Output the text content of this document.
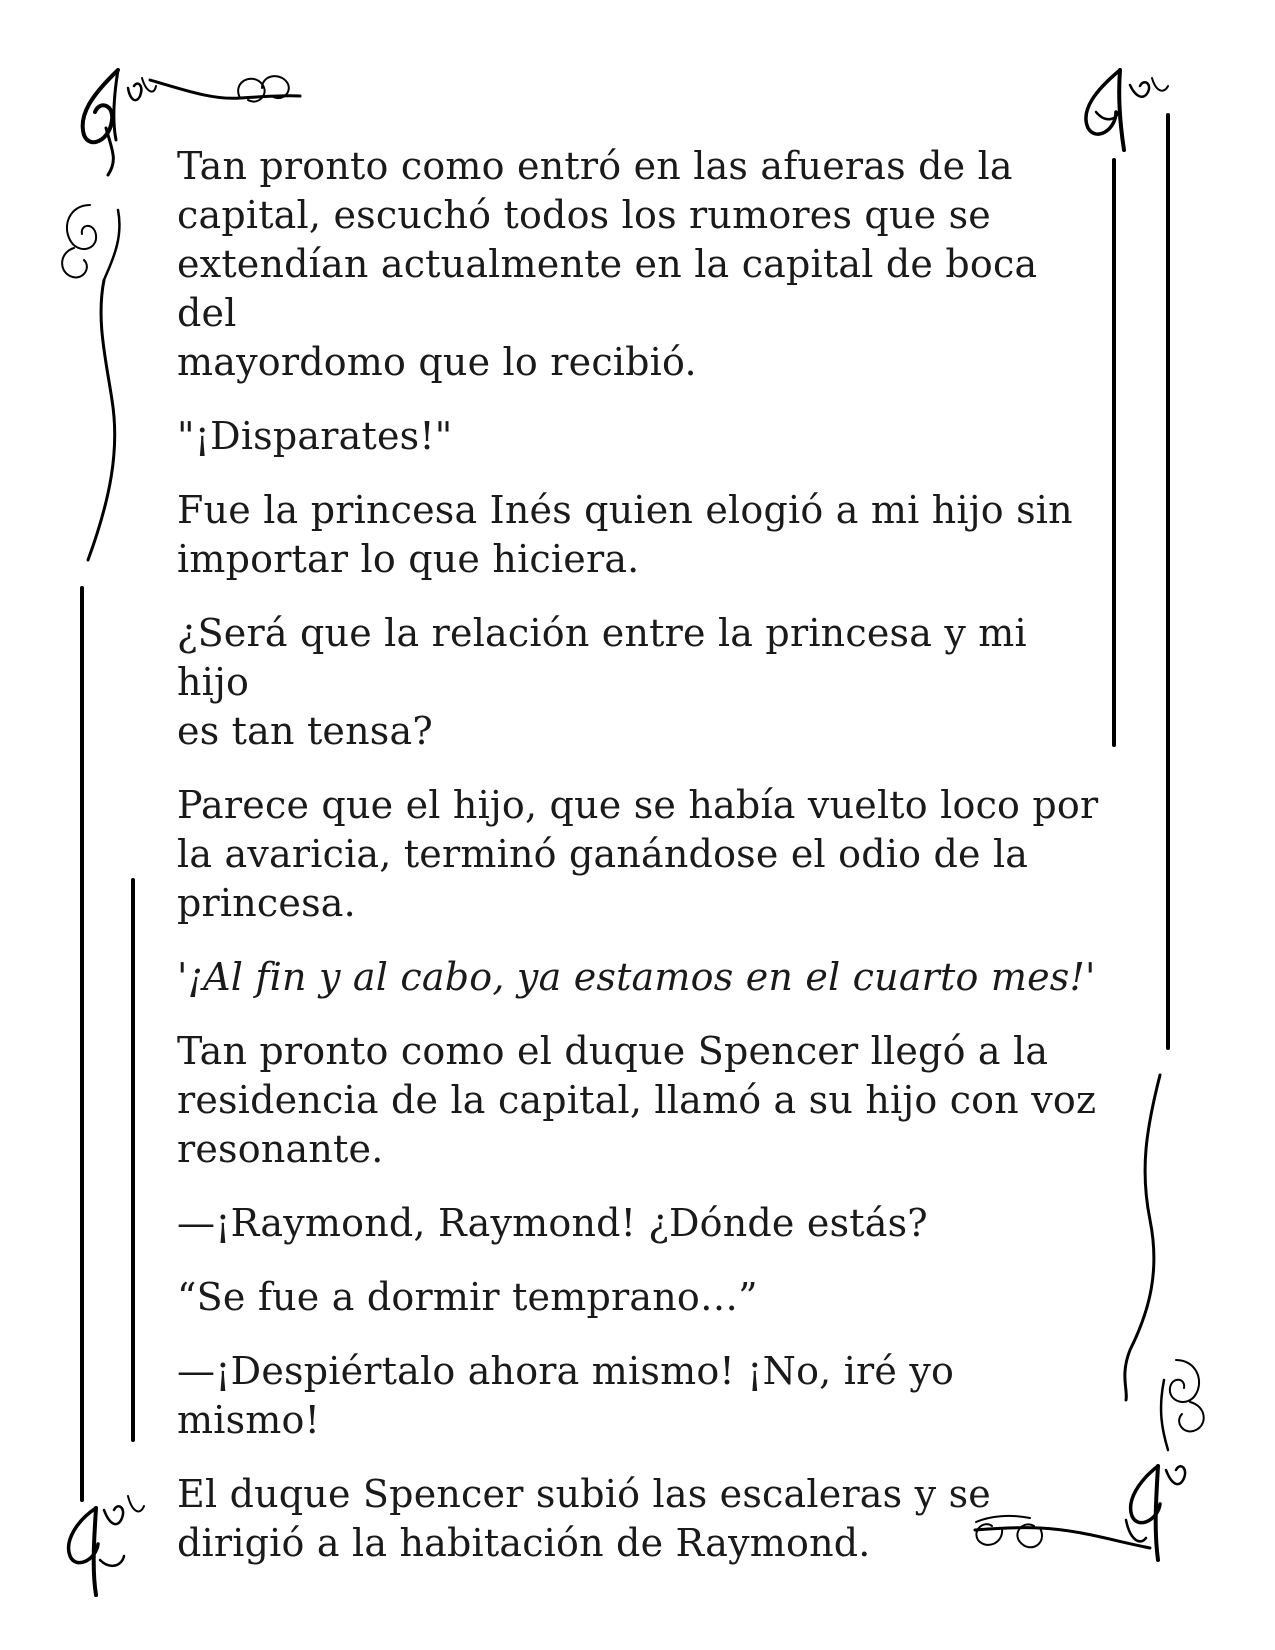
Tan pronto como entró en las afueras de la
capital, escuchó todos los rumores que se
extendían actualmente en la capital de boca del
mayordomo que lo recibió.

"¡Disparates!"

Fue la princesa Inés quien elogió a mi hijo sin
importar lo que hiciera.

¿Será que la relación entre la princesa y mi hijo
es tan tensa?

Parece que el hijo, que se había vuelto loco por
la avaricia, terminó ganándose el odio de la
princesa.

'¡Al fin y al cabo, ya estamos en el cuarto mes!'

Tan pronto como el duque Spencer llegó a la
residencia de la capital, llamó a su hijo con voz
resonante.

—¡Raymond, Raymond! ¿Dónde estás?

“Se fue a dormir temprano…”

—¡Despiértalo ahora mismo! ¡No, iré yo mismo!

El duque Spencer subió las escaleras y se
dirigió a la habitación de Raymond.
